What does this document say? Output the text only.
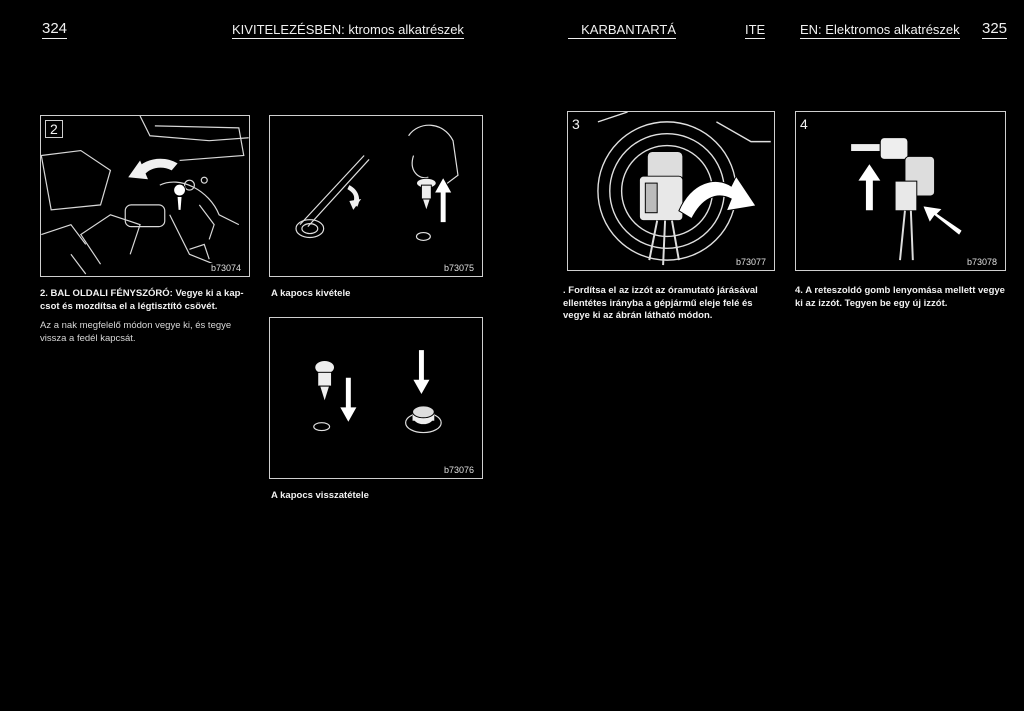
324	KIVITELEZÉSBEN: ktromos alkatrészek	KARBANTARTÁ	ITE	EN: Elektromos alkatrészek 325
2
b73074
2. BAL OLDALI FÉNYSZÓRÓ: Vegye ki a kap-csot és mozdítsa el a légtisztító csövét.
Az a nak megfelelő módon vegye ki, és tegye vissza a fedél kapcsát.
b73075
A kapocs kivétele
b73076
A kapocs visszatétele
3
b73077
. Fordítsa el az izzót az óramutató járásával ellentétes irányba a gépjármű eleje felé és vegye ki az ábrán látható módon.
4
b73078
4. A reteszoldó gomb lenyomása mellett vegye ki az izzót. Tegyen be egy új izzót.
